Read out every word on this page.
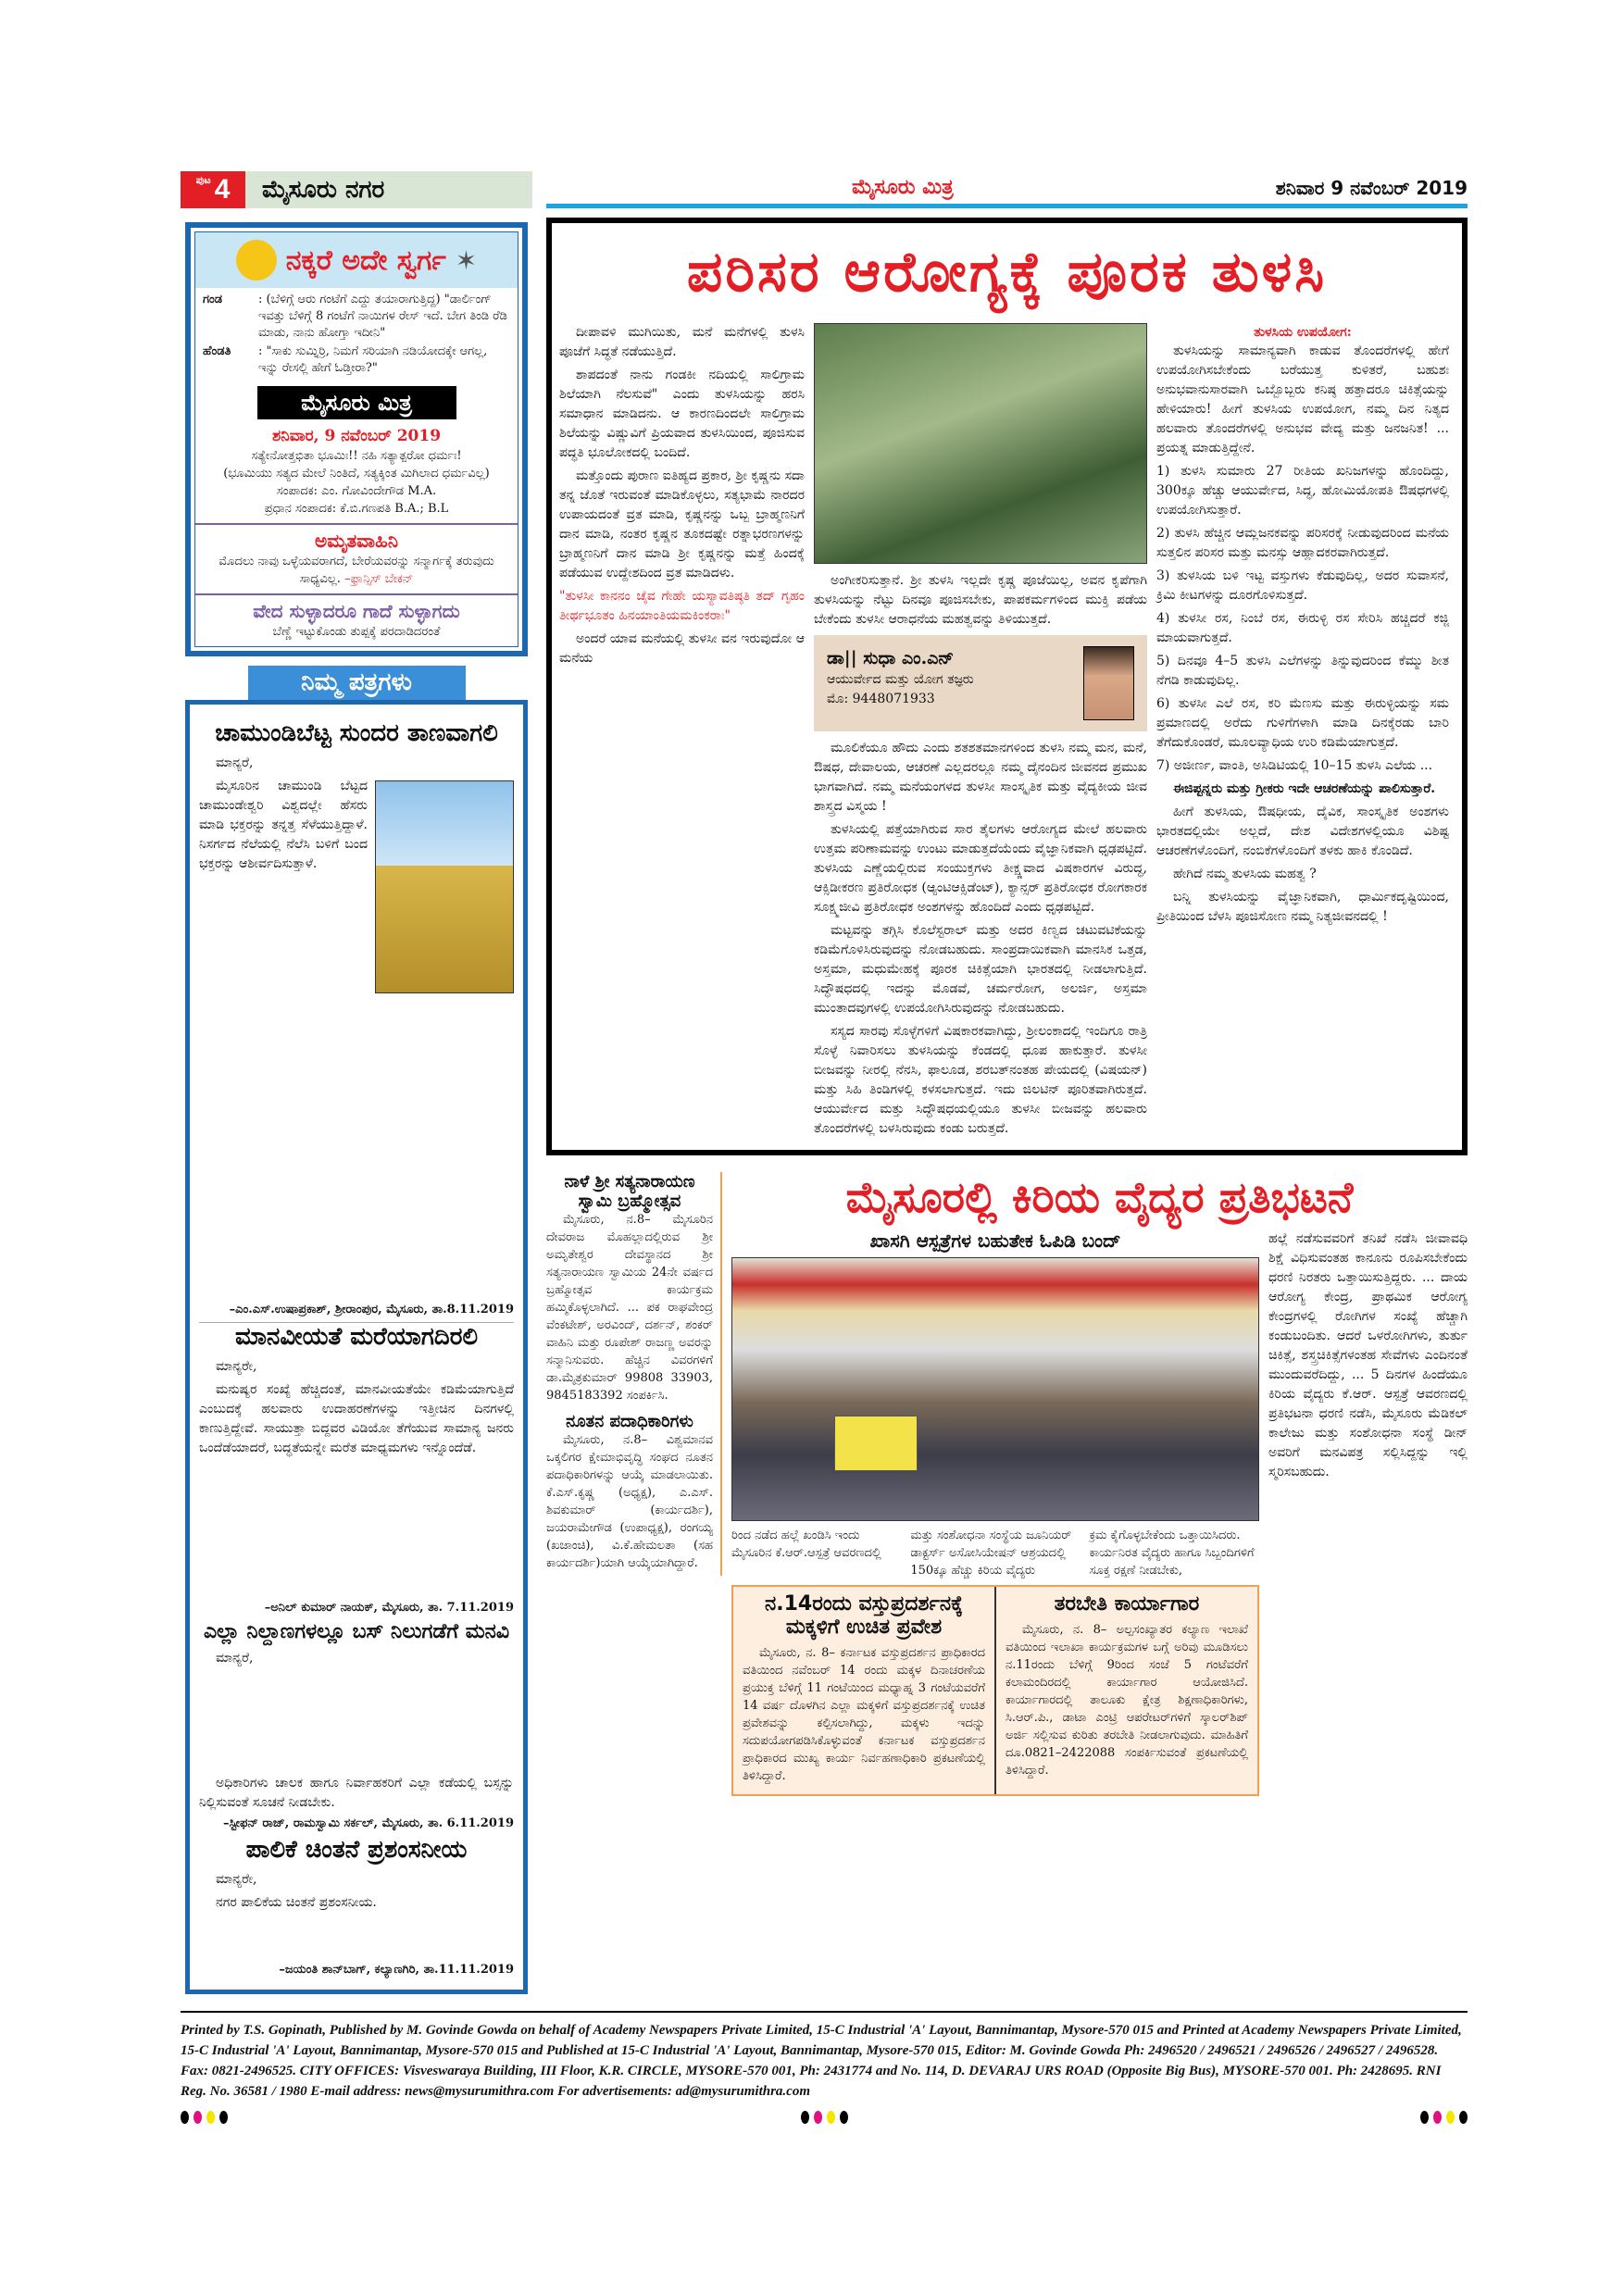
ಪುಟ 4	ಮೈಸೂರು ನಗರ	ಮೈಸೂರು ಮಿತ್ರ	ಶನಿವಾರ 9 ನವೆಂಬರ್ 2019
ನಕ್ಕರೆ ಅದೇ ಸ್ವರ್ಗ ✶
ಗಂಡ	: (ಬೆಳಿಗ್ಗೆ ಆರು ಗಂಟೆಗೆ ಎದ್ದು ತಯಾರಾಗುತ್ತಿದ್ದ) "ಡಾರ್ಲಿಂಗ್ ಇವತ್ತು ಬೆಳಿಗ್ಗೆ 8 ಗಂಟೆಗೆ ನಾಯಿಗಳ ರೇಸ್ ಇದೆ. ಬೇಗ ತಿಂಡಿ ರೆಡಿ ಮಾಡು, ನಾನು ಹೋಗ್ತಾ ಇದೀನಿ"
ಹೆಂಡತಿ	: "ಸಾಕು ಸುಮ್ನಿರ್ರಿ, ನಿಮಗೆ ಸರಿಯಾಗಿ ನಡಿಯೋದಕ್ಕೇ ಆಗಲ್ಲ, ಇನ್ನು ರೇಸಲ್ಲಿ ಹೇಗೆ ಓಡ್ತೀರಾ?"
ಮೈಸೂರು ಮಿತ್ರ
ಶನಿವಾರ, 9 ನವೆಂಬರ್ 2019
ಸತ್ಯೇನೋತ್ತಭಿತಾ ಭೂಮಿಃ!! ನಹಿ ಸತ್ಯಾತ್ಪರೋ ಧರ್ಮಃ!
(ಭೂಮಿಯು ಸತ್ಯದ ಮೇಲೆ ನಿಂತಿದೆ, ಸತ್ಯಕ್ಕಿಂತ ಮಿಗಿಲಾದ ಧರ್ಮವಿಲ್ಲ)
ಸಂಪಾದಕ: ಎಂ. ಗೋವಿಂದೇಗೌಡ M.A.
ಪ್ರಧಾನ ಸಂಪಾದಕ: ಕೆ.ಬಿ.ಗಣಪತಿ B.A.; B.L
ಅಮೃತವಾಹಿನಿ
ಮೊದಲು ನಾವು ಒಳ್ಳೆಯವರಾಗದೆ, ಬೇರೆಯವರನ್ನು ಸನ್ಮಾರ್ಗಕ್ಕೆ ತರುವುದು ಸಾಧ್ಯವಿಲ್ಲ. –ಫ್ರಾನ್ಸಿಸ್ ಬೇಕನ್
ವೇದ ಸುಳ್ಳಾದರೂ ಗಾದೆ ಸುಳ್ಳಾಗದು
ಬೆಣ್ಣೆ ಇಟ್ಟುಕೊಂಡು ತುಪ್ಪಕ್ಕೆ ಪರದಾಡಿದರಂತೆ
ನಿಮ್ಮ ಪತ್ರಗಳು
ಚಾಮುಂಡಿಬೆಟ್ಟ ಸುಂದರ ತಾಣವಾಗಲಿ

ಮಾನ್ಯರೆ,

ಮೈಸೂರಿನ ಚಾಮುಂಡಿ ಬೆಟ್ಟದ ಚಾಮುಂಡೇಶ್ವರಿ ವಿಶ್ವದಲ್ಲೇ ಹೆಸರು ಮಾಡಿ ಭಕ್ತರನ್ನು ತನ್ನತ್ತ ಸೆಳೆಯುತ್ತಿದ್ದಾಳೆ. ನಿಸರ್ಗದ ನೆಲೆಯಲ್ಲಿ ನೆಲೆಸಿ ಬಳಿಗೆ ಬಂದ ಭಕ್ತರನ್ನು ಆಶೀರ್ವದಿಸುತ್ತಾಳೆ.

–ಎಂ.ಎಸ್.ಉಷಾಪ್ರಕಾಶ್, ಶ್ರೀರಾಂಪುರ, ಮೈಸೂರು, ತಾ.8.11.2019
ಮಾನವೀಯತೆ ಮರೆಯಾಗದಿರಲಿ

ಮಾನ್ಯರೇ,

ಮನುಷ್ಯರ ಸಂಖ್ಯೆ ಹೆಚ್ಚಿದಂತೆ, ಮಾನವೀಯತೆಯೇ ಕಡಿಮೆಯಾಗುತ್ತಿದೆ ಎಂಬುದಕ್ಕೆ ಹಲವಾರು ಉದಾಹರಣೆಗಳನ್ನು ಇತ್ತೀಚಿನ ದಿನಗಳಲ್ಲಿ ಕಾಣುತ್ತಿದ್ದೇವೆ. ಸಾಯುತ್ತಾ ಬಿದ್ದವರ ವಿಡಿಯೋ ತೆಗೆಯುವ ಸಾಮಾನ್ಯ ಜನರು ಒಂದೆಡೆಯಾದರೆ, ಬದ್ಧತೆಯನ್ನೇ ಮರೆತ ಮಾಧ್ಯಮಗಳು ಇನ್ನೊಂದೆಡೆ.

–ಅನಿಲ್ ಕುಮಾರ್ ನಾಯಕ್, ಮೈಸೂರು, ತಾ. 7.11.2019
ಎಲ್ಲಾ ನಿಲ್ದಾಣಗಳಲ್ಲೂ ಬಸ್ ನಿಲುಗಡೆಗೆ ಮನವಿ

ಮಾನ್ಯರೆ,

ಅಧಿಕಾರಿಗಳು ಚಾಲಕ ಹಾಗೂ ನಿರ್ವಾಹಕರಿಗೆ ಎಲ್ಲಾ ಕಡೆಯಲ್ಲಿ ಬಸ್ಸನ್ನು ನಿಲ್ಲಿಸುವಂತೆ ಸೂಚನೆ ನೀಡಬೇಕು.

–ಸ್ಟೀಫನ್ ರಾಜ್, ರಾಮಸ್ವಾಮಿ ಸರ್ಕಲ್, ಮೈಸೂರು, ತಾ. 6.11.2019
ಪಾಲಿಕೆ ಚಿಂತನೆ ಪ್ರಶಂಸನೀಯ

ಮಾನ್ಯರೇ,

ನಗರ ಪಾಲಿಕೆಯ ಚಿಂತನೆ ಪ್ರಶಂಸನೀಯ.

–ಜಯಂತಿ ಶಾನ್‌ಬಾಗ್, ಕಲ್ಯಾಣಗಿರಿ, ತಾ.11.11.2019
ಪರಿಸರ ಆರೋಗ್ಯಕ್ಕೆ ಪೂರಕ ತುಳಸಿ

ದೀಪಾವಳಿ ಮುಗಿಯಿತು, ಮನೆ ಮನೆಗಳಲ್ಲಿ ತುಳಸಿ ಪೂಜೆಗೆ ಸಿದ್ಧತೆ ನಡೆಯುತ್ತಿದೆ.

ಶಾಪದಂತೆ ನಾನು ಗಂಡಕೀ ನದಿಯಲ್ಲಿ ಸಾಲಿಗ್ರಾಮ ಶಿಲೆಯಾಗಿ ನೆಲಸುವೆ" ಎಂದು ತುಳಸಿಯನ್ನು ಹರಸಿ ಸಮಾಧಾನ ಮಾಡಿದನು. ಆ ಕಾರಣದಿಂದಲೇ ಸಾಲಿಗ್ರಾಮ ಶಿಲೆಯನ್ನು ವಿಷ್ಣುವಿಗೆ ಪ್ರಿಯವಾದ ತುಳಸಿಯಿಂದ, ಪೂಜಿಸುವ ಪದ್ಧತಿ ಭೂಲೋಕದಲ್ಲಿ ಬಂದಿದೆ.

ಮತ್ತೊಂದು ಪುರಾಣ ಐತಿಹ್ಯದ ಪ್ರಕಾರ, ಶ್ರೀ ಕೃಷ್ಣನು ಸದಾ ತನ್ನ ಜೊತೆ ಇರುವಂತೆ ಮಾಡಿಕೊಳ್ಳಲು, ಸತ್ಯಭಾಮೆ ನಾರದರ ಉಪಾಯದಂತೆ ವ್ರತ ಮಾಡಿ, ಕೃಷ್ಣನನ್ನು ಒಬ್ಬ ಬ್ರಾಹ್ಮಣನಿಗೆ ದಾನ ಮಾಡಿ, ನಂತರ ಕೃಷ್ಣನ ತೂಕದಷ್ಟೇ ರತ್ನಾಭರಣಗಳನ್ನು ಬ್ರಾಹ್ಮಣನಿಗೆ ದಾನ ಮಾಡಿ ಶ್ರೀ ಕೃಷ್ಣನನ್ನು ಮತ್ತೆ ಹಿಂದಕ್ಕೆ ಪಡೆಯುವ ಉದ್ದೇಶದಿಂದ ವ್ರತ ಮಾಡಿದಳು.

"ತುಳಸೀ ಕಾನನಂ ಚೈವ ಗೇಹೇ ಯಸ್ಯಾವತಿಷ್ಠತಿ ತದ್ ಗೃಹಂ ತೀರ್ಥಭೂತಂ ಹಿನಯಾಂತಿಯಮಕಿಂಕರಾಃ"

ಅಂದರೆ ಯಾವ ಮನೆಯಲ್ಲಿ ತುಳಸೀ ವನ ಇರುವುದೋ ಆ ಮನೆಯ

ಅಂಗೀಕರಿಸುತ್ತಾನೆ. ಶ್ರೀ ತುಳಸಿ ಇಲ್ಲದೇ ಕೃಷ್ಣ ಪೂಜೆಯಿಲ್ಲ, ಅವನ ಕೃಪೆಗಾಗಿ ತುಳಸಿಯನ್ನು ನೆಟ್ಟು ದಿನವೂ ಪೂಜಿಸಬೇಕು, ಪಾಪಕರ್ಮಗಳಿಂದ ಮುಕ್ತಿ ಪಡೆಯ ಬೇಕೆಂದು ತುಳಸೀ ಆರಾಧನೆಯ ಮಹತ್ವವನ್ನು ತಿಳಿಯುತ್ತದೆ.

ಡಾ|| ಸುಧಾ ಎಂ.ಎನ್
ಆಯುರ್ವೇದ ಮತ್ತು ಯೋಗ ತಜ್ಞರು
ಮೊ: 9448071933

ಮೂಲಿಕೆಯೂ ಹೌದು ಎಂದು ಶತಶತಮಾನಗಳಿಂದ ತುಳಸಿ ನಮ್ಮ ಮನ, ಮನೆ, ಔಷಧ, ದೇವಾಲಯ, ಆಚರಣೆ ಎಲ್ಲದರಲ್ಲೂ ನಮ್ಮ ದೈನಂದಿನ ಜೀವನದ ಪ್ರಮುಖ ಭಾಗವಾಗಿದೆ. ನಮ್ಮ ಮನೆಯಂಗಳದ ತುಳಸೀ ಸಾಂಸ್ಕೃತಿಕ ಮತ್ತು ವೈದ್ಯಕೀಯ ಜೀವ ಶಾಸ್ತ್ರದ ವಿಸ್ಮಯ !

ತುಳಸಿಯಲ್ಲಿ ಪತ್ತೆಯಾಗಿರುವ ಸಾರ ತೈಲಗಳು ಆರೋಗ್ಯದ ಮೇಲೆ ಹಲವಾರು ಉತ್ತಮ ಪರಿಣಾಮವನ್ನು ಉಂಟು ಮಾಡುತ್ತದೆಯೆಂದು ವೈಜ್ಞಾನಿಕವಾಗಿ ಧೃಢಪಟ್ಟಿದೆ. ತುಳಸಿಯ ಎಣ್ಣೆಯಲ್ಲಿರುವ ಸಂಯುಕ್ತಗಳು ತೀಕ್ಷ್ಣವಾದ ವಿಷಕಾರಗಳ ವಿರುದ್ಧ, ಆಕ್ಸಿಡೀಕರಣ ಪ್ರತಿರೋಧಕ (ಆ್ಯಂಟಿಆಕ್ಸಿಡೆಂಟ್), ಕ್ಯಾನ್ಸರ್ ಪ್ರತಿರೋಧಕ ರೋಗಕಾರಕ ಸೂಕ್ಷ್ಮಜೀವಿ ಪ್ರತಿರೋಧಕ ಅಂಶಗಳನ್ನು ಹೊಂದಿದೆ ಎಂದು ಧೃಢಪಟ್ಟಿದೆ.

ಮಟ್ಟವನ್ನು ತಗ್ಗಿಸಿ ಕೊಲೆಸ್ಟರಾಲ್ ಮತ್ತು ಅದರ ಕಿಣ್ವದ ಚಟುವಟಿಕೆಯನ್ನು ಕಡಿಮೆಗೊಳಿಸಿರುವುದನ್ನು ನೋಡಬಹುದು. ಸಾಂಪ್ರದಾಯಿಕವಾಗಿ ಮಾನಸಿಕ ಒತ್ತಡ, ಅಸ್ತಮಾ, ಮಧುಮೇಹಕ್ಕೆ ಪೂರಕ ಚಿಕಿತ್ಸೆಯಾಗಿ ಭಾರತದಲ್ಲಿ ನೀಡಲಾಗುತ್ತಿದೆ. ಸಿದ್ಧೌಷಧದಲ್ಲಿ ಇದನ್ನು ಮೊಡವೆ, ಚರ್ಮರೋಗ, ಅಲರ್ಜಿ, ಅಸ್ತಮಾ ಮುಂತಾದವುಗಳಲ್ಲಿ ಉಪಯೋಗಿಸಿರುವುದನ್ನು ನೋಡಬಹುದು.

ಸಸ್ಯದ ಸಾರವು ಸೊಳ್ಳೆಗಳಿಗೆ ವಿಷಕಾರಕವಾಗಿದ್ದು, ಶ್ರೀಲಂಕಾದಲ್ಲಿ ಇಂದಿಗೂ ರಾತ್ರಿ ಸೊಳ್ಳೆ ನಿವಾರಿಸಲು ತುಳಸಿಯನ್ನು ಕೆಂಡದಲ್ಲಿ ಧೂಪ ಹಾಕುತ್ತಾರೆ. ತುಳಸೀ ಬೀಜವನ್ನು ನೀರಲ್ಲಿ ನೆನಸಿ, ಫಾಲೂಡ, ಶರಬತ್‌ನಂತಹ ಪೇಯದಲ್ಲಿ (ವಿಷಯನ್) ಮತ್ತು ಸಿಹಿ ತಿಂಡಿಗಳಲ್ಲಿ ಕಳಸಲಾಗುತ್ತದೆ. ಇದು ಜಿಲಟಿನ್ ಪೂರಿತವಾಗಿರುತ್ತದೆ. ಆಯುರ್ವೇದ ಮತ್ತು ಸಿದ್ಧೌಷಧಯಲ್ಲಿಯೂ ತುಳಸೀ ಬೀಜವನ್ನು ಹಲವಾರು ತೊಂದರೆಗಳಲ್ಲಿ ಬಳಸಿರುವುದು ಕಂಡು ಬರುತ್ತದೆ.

ತುಳಸಿಯ ಉಪಯೋಗ:

ತುಳಸಿಯನ್ನು ಸಾಮಾನ್ಯವಾಗಿ ಕಾಡುವ ತೊಂದರೆಗಳಲ್ಲಿ ಹೇಗೆ ಉಪಯೋಗಿಸಬೇಕೆಂದು ಬರೆಯುತ್ತ ಕುಳಿತರೆ, ಬಹುಶಃ ಅನುಭವಾನುಸಾರವಾಗಿ ಒಬ್ಬೊಬ್ಬರು ಕನಿಷ್ಠ ಹತ್ತಾದರೂ ಚಿಕಿತ್ಸೆಯನ್ನು ಹೇಳಿಯಾರು! ಹೀಗೆ ತುಳಸಿಯ ಉಪಯೋಗ, ನಮ್ಮ ದಿನ ನಿತ್ಯದ ಹಲವಾರು ತೊಂದರೆಗಳಲ್ಲಿ ಅನುಭವ ವೇದ್ಯ ಮತ್ತು ಜನಜನಿತ! ... ಪ್ರಯತ್ನ ಮಾಡುತ್ತಿದ್ದೇನೆ.

1) ತುಳಸಿ ಸುಮಾರು 27 ರೀತಿಯ ಖನಿಜಗಳನ್ನು ಹೊಂದಿದ್ದು, 300ಕ್ಕೂ ಹೆಚ್ಚು ಆಯುರ್ವೇದ, ಸಿದ್ಧ, ಹೋಮಿಯೋಪತಿ ಔಷಧಗಳಲ್ಲಿ ಉಪಯೋಗಿಸುತ್ತಾರೆ.

2) ತುಳಸಿ ಹೆಚ್ಚಿನ ಆಮ್ಲಜನಕವನ್ನು ಪರಿಸರಕ್ಕೆ ನೀಡುವುದರಿಂದ ಮನೆಯ ಸುತ್ತಲಿನ ಪರಿಸರ ಮತ್ತು ಮನಸ್ಸು ಆಹ್ಲಾದಕರವಾಗಿರುತ್ತದೆ.

3) ತುಳಸಿಯ ಬಳಿ ಇಟ್ಟ ವಸ್ತುಗಳು ಕೆಡುವುದಿಲ್ಲ, ಅದರ ಸುವಾಸನೆ, ಕ್ರಿಮಿ ಕೀಟಗಳನ್ನು ದೂರಗೊಳಿಸುತ್ತದೆ.

4) ತುಳಸೀ ರಸ, ನಿಂಬೆ ರಸ, ಈರುಳ್ಳಿ ರಸ ಸೇರಿಸಿ ಹಚ್ಚಿದರೆ ಕಜ್ಜಿ ಮಾಯವಾಗುತ್ತದೆ.

5) ದಿನವೂ 4–5 ತುಳಸಿ ಎಲೆಗಳನ್ನು ತಿನ್ನುವುದರಿಂದ ಕೆಮ್ಮು ಶೀತ ನೆಗಡಿ ಕಾಡುವುದಿಲ್ಲ.

6) ತುಳಸೀ ಎಲೆ ರಸ, ಕರಿ ಮೆಣಸು ಮತ್ತು ಈರುಳ್ಳಿಯನ್ನು ಸಮ ಪ್ರಮಾಣದಲ್ಲಿ ಅರೆದು ಗುಳಿಗೆಗಳಾಗಿ ಮಾಡಿ ದಿನಕ್ಕೆರಡು ಬಾರಿ ತೆಗೆದುಕೊಂಡರೆ, ಮೂಲವ್ಯಾಧಿಯ ಉರಿ ಕಡಿಮೆಯಾಗುತ್ತದೆ.

7) ಅಜೀರ್ಣ, ವಾಂತಿ, ಅಸಿಡಿಟಿಯಲ್ಲಿ 10–15 ತುಳಸಿ ಎಲೆಯ ...

ಈಜಿಪ್ಟನ್ನರು ಮತ್ತು ಗ್ರೀಕರು ಇದೇ ಆಚರಣೆಯನ್ನು ಪಾಲಿಸುತ್ತಾರೆ.

ಹೀಗೆ ತುಳಸಿಯ, ಔಷಧೀಯ, ದೈವಿಕ, ಸಾಂಸ್ಕೃತಿಕ ಅಂಶಗಳು ಭಾರತದಲ್ಲಿಯೇ ಅಲ್ಲದೆ, ದೇಶ ವಿದೇಶಗಳಲ್ಲಿಯೂ ವಿಶಿಷ್ಟ ಆಚರಣೆಗಳೊಂದಿಗೆ, ನಂಬಿಕೆಗಳೊಂದಿಗೆ ತಳಕು ಹಾಕಿ ಕೊಂಡಿದೆ.

ಹೇಗಿದೆ ನಮ್ಮ ತುಳಸಿಯ ಮಹತ್ವ ?

ಬನ್ನಿ ತುಳಸಿಯನ್ನು ವೈಜ್ಞಾನಿಕವಾಗಿ, ಧಾರ್ಮಿಕದೃಷ್ಟಿಯಿಂದ, ಪ್ರೀತಿಯಿಂದ ಬೆಳಸಿ ಪೂಜಿಸೋಣ ನಮ್ಮ ನಿತ್ಯಜೀವನದಲ್ಲಿ !

ನಾಳೆ ಶ್ರೀ ಸತ್ಯನಾರಾಯಣ ಸ್ವಾಮಿ ಬ್ರಹ್ಮೋತ್ಸವ

ಮೈಸೂರು, ನ.8– ಮೈಸೂರಿನ ದೇವರಾಜ ಮೊಹಲ್ಲಾದಲ್ಲಿರುವ ಶ್ರೀ ಅಮೃತೇಶ್ವರ ದೇವಸ್ಥಾನದ ಶ್ರೀ ಸತ್ಯನಾರಾಯಣ ಸ್ವಾಮಿಯ 24ನೇ ವರ್ಷದ ಬ್ರಹ್ಮೋತ್ಸವ ಕಾರ್ಯಕ್ರಮ ಹಮ್ಮಿಕೊಳ್ಳಲಾಗಿದೆ. ... ಪಕ ರಾಘವೇಂದ್ರ ವೆಂಕಟೇಶ್, ಅರವಿಂದ್, ದರ್ಶನ್, ಶಂಕರ್ ವಾಹಿನಿ ಮತ್ತು ರೂಪೇಶ್ ರಾಜಣ್ಣ ಅವರನ್ನು ಸನ್ಮಾನಿಸುವರು. ಹೆಚ್ಚಿನ ವಿವರಗಳಿಗೆ ಡಾ.ಮೈತ್ರಕುಮಾರ್ 99808 33903, 9845183392 ಸಂಪರ್ಕಿಸಿ.

ನೂತನ ಪದಾಧಿಕಾರಿಗಳು

ಮೈಸೂರು, ನ.8– ವಿಶ್ವಮಾನವ ಒಕ್ಕಲಿಗರ ಕ್ಷೇಮಾಭಿವೃದ್ಧಿ ಸಂಘದ ನೂತನ ಪದಾಧಿಕಾರಿಗಳನ್ನು ಆಯ್ಕೆ ಮಾಡಲಾಯಿತು. ಕೆ.ಎಸ್.ಕೃಷ್ಣ (ಅಧ್ಯಕ್ಷ), ಎ.ಎಸ್. ಶಿವಕುಮಾರ್ (ಕಾರ್ಯದರ್ಶಿ), ಜಯರಾಮೇಗೌಡ (ಉಪಾಧ್ಯಕ್ಷ), ರಂಗಯ್ಯ (ಖಜಾಂಚಿ), ವಿ.ಕೆ.ಹೇಮಲತಾ (ಸಹ ಕಾರ್ಯದರ್ಶಿ)ಯಾಗಿ ಆಯ್ಕೆಯಾಗಿದ್ದಾರೆ.

ಮೈಸೂರಲ್ಲಿ ಕಿರಿಯ ವೈದ್ಯರ ಪ್ರತಿಭಟನೆ
ಖಾಸಗಿ ಆಸ್ಪತ್ರೆಗಳ ಬಹುತೇಕ ಓಪಿಡಿ ಬಂದ್
ರಿಂದ ನಡೆದ ಹಲ್ಲೆ ಖಂಡಿಸಿ ಇಂದು ಮೈಸೂರಿನ ಕೆ.ಆರ್.ಆಸ್ಪತ್ರೆ ಆವರಣದಲ್ಲಿ
ಮತ್ತು ಸಂಶೋಧನಾ ಸಂಸ್ಥೆಯ ಜೂನಿಯರ್ ಡಾಕ್ಟರ್ಸ್ ಅಸೋಸಿಯೇಷನ್ ಆಶ್ರಯದಲ್ಲಿ 150ಕ್ಕೂ ಹೆಚ್ಚು ಕಿರಿಯ ವೈದ್ಯರು
ಕ್ರಮ ಕೈಗೊಳ್ಳಬೇಕೆಂದು ಒತ್ತಾಯಿಸಿದರು. ಕಾರ್ಯನಿರತ ವೈದ್ಯರು ಹಾಗೂ ಸಿಬ್ಬಂದಿಗಳಿಗೆ ಸೂಕ್ತ ರಕ್ಷಣೆ ನೀಡಬೇಕು,
ನ.14ರಂದು ವಸ್ತುಪ್ರದರ್ಶನಕ್ಕೆ ಮಕ್ಕಳಿಗೆ ಉಚಿತ ಪ್ರವೇಶ

ಮೈಸೂರು, ನ. 8– ಕರ್ನಾಟಕ ವಸ್ತುಪ್ರದರ್ಶನ ಪ್ರಾಧಿಕಾರದ ವತಿಯಿಂದ ನವೆಂಬರ್ 14 ರಂದು ಮಕ್ಕಳ ದಿನಾಚರಣೆಯ ಪ್ರಯುಕ್ತ ಬೆಳಿಗ್ಗೆ 11 ಗಂಟೆಯಿಂದ ಮಧ್ಯಾಹ್ನ 3 ಗಂಟೆಯವರೆಗೆ 14 ವರ್ಷ ದೊಳಗಿನ ಎಲ್ಲಾ ಮಕ್ಕಳಿಗೆ ವಸ್ತುಪ್ರದರ್ಶನಕ್ಕೆ ಉಚಿತ ಪ್ರವೇಶವನ್ನು ಕಲ್ಪಿಸಲಾಗಿದ್ದು, ಮಕ್ಕಳು ಇದನ್ನು ಸದುಪಯೋಗಪಡಿಸಿಕೊಳ್ಳುವಂತೆ ಕರ್ನಾಟಕ ವಸ್ತುಪ್ರದರ್ಶನ ಪ್ರಾಧಿಕಾರದ ಮುಖ್ಯ ಕಾರ್ಯ ನಿರ್ವಹಣಾಧಿಕಾರಿ ಪ್ರಕಟಣೆಯಲ್ಲಿ ತಿಳಿಸಿದ್ದಾರೆ.

ತರಬೇತಿ ಕಾರ್ಯಾಗಾರ

ಮೈಸೂರು, ನ. 8– ಅಲ್ಪಸಂಖ್ಯಾತರ ಕಲ್ಯಾಣ ಇಲಾಖೆ ವತಿಯಿಂದ ಇಲಾಖಾ ಕಾರ್ಯಕ್ರಮಗಳ ಬಗ್ಗೆ ಅರಿವು ಮೂಡಿಸಲು ನ.11ರಂದು ಬೆಳಿಗ್ಗೆ 9ರಿಂದ ಸಂಜೆ 5 ಗಂಟೆವರೆಗೆ ಕಲಾಮಂದಿರದಲ್ಲಿ ಕಾರ್ಯಾಗಾರ ಆಯೋಜಿಸಿದೆ. ಕಾರ್ಯಾಗಾರದಲ್ಲಿ ತಾಲೂಕು ಕ್ಷೇತ್ರ ಶಿಕ್ಷಣಾಧಿಕಾರಿಗಳು, ಸಿ.ಆರ್.ಪಿ., ಡಾಟಾ ಎಂಟ್ರಿ ಆಪರೇಟರ್‌ಗಳಿಗೆ ಸ್ಕಾಲರ್‌ಶಿಪ್ ಅರ್ಜಿ ಸಲ್ಲಿಸುವ ಕುರಿತು ತರಬೇತಿ ನೀಡಲಾಗುವುದು. ಮಾಹಿತಿಗೆ ದೂ.0821–2422088 ಸಂಪರ್ಕಿಸುವಂತೆ ಪ್ರಕಟಣೆಯಲ್ಲಿ ತಿಳಿಸಿದ್ದಾರೆ.

ಹಲ್ಲೆ ನಡೆಸುವವರಿಗೆ ತನಿಖೆ ನಡೆಸಿ ಜೀವಾವಧಿ ಶಿಕ್ಷೆ ವಿಧಿಸುವಂತಹ ಕಾನೂನು ರೂಪಿಸಬೇಕೆಂದು ಧರಣಿ ನಿರತರು ಒತ್ತಾಯಿಸುತ್ತಿದ್ದರು. ... ದಾಯ ಆರೋಗ್ಯ ಕೇಂದ್ರ, ಪ್ರಾಥಮಿಕ ಆರೋಗ್ಯ ಕೇಂದ್ರಗಳಲ್ಲಿ ರೋಗಿಗಳ ಸಂಖ್ಯೆ ಹೆಚ್ಚಾಗಿ ಕಂಡುಬಂದಿತು. ಆದರೆ ಒಳರೋಗಿಗಳು, ತುರ್ತು ಚಿಕಿತ್ಸೆ, ಶಸ್ತ್ರಚಿಕಿತ್ಸೆಗಳಂತಹ ಸೇವೆಗಳು ಎಂದಿನಂತೆ ಮುಂದುವರೆದಿದ್ದು, ... 5 ದಿನಗಳ ಹಿಂದೆಯೂ ಕಿರಿಯ ವೈದ್ಯರು ಕೆ.ಆರ್. ಆಸ್ಪತ್ರೆ ಆವರಣದಲ್ಲಿ ಪ್ರತಿಭಟನಾ ಧರಣಿ ನಡೆಸಿ, ಮೈಸೂರು ಮೆಡಿಕಲ್ ಕಾಲೇಜು ಮತ್ತು ಸಂಶೋಧನಾ ಸಂಸ್ಥೆ ಡೀನ್ ಅವರಿಗೆ ಮನವಿಪತ್ರ ಸಲ್ಲಿಸಿದ್ದನ್ನು ಇಲ್ಲಿ ಸ್ಮರಿಸಬಹುದು.
Printed by T.S. Gopinath, Published by M. Govinde Gowda on behalf of Academy Newspapers Private Limited, 15-C Industrial 'A' Layout, Bannimantap, Mysore-570 015 and Printed at Academy Newspapers Private Limited, 15-C Industrial 'A' Layout, Bannimantap, Mysore-570 015 and Published at 15-C Industrial 'A' Layout, Bannimantap, Mysore-570 015, Editor: M. Govinde Gowda Ph: 2496520 / 2496521 / 2496526 / 2496527 / 2496528. Fax: 0821-2496525. CITY OFFICES: Visveswaraya Building, III Floor, K.R. CIRCLE, MYSORE-570 001, Ph: 2431774 and No. 114, D. DEVARAJ URS ROAD (Opposite Big Bus), MYSORE-570 001. Ph: 2428695. RNI Reg. No. 36581 / 1980 E-mail address: news@mysurumithra.com For advertisements: ad@mysurumithra.com
